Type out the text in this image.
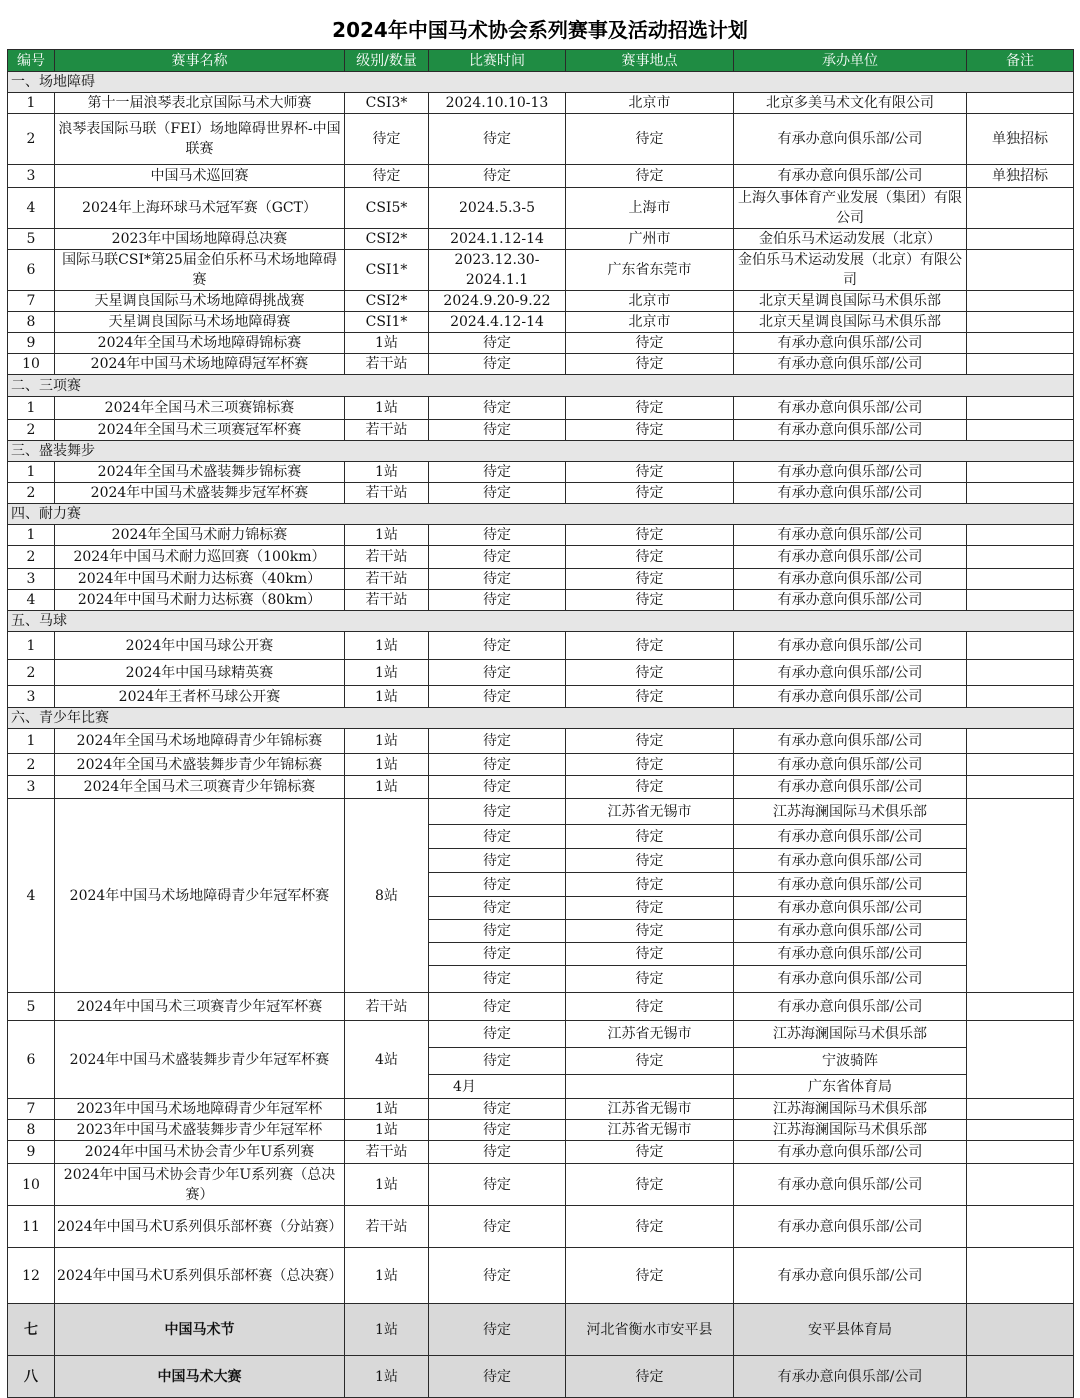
2024年中国马术协会系列赛事及活动招选计划
编号	赛事名称	级别/数量	比赛时间	赛事地点	承办单位	备注
一、场地障碍						
1	第十一届浪琴表北京国际马术大师赛	CSI3*	2024.10.10-13	北京市	北京多美马术文化有限公司	
2	浪琴表国际马联（FEI）场地障碍世界杯-中国联赛	待定	待定	待定	有承办意向俱乐部/公司	单独招标
3	中国马术巡回赛	待定	待定	待定	有承办意向俱乐部/公司	单独招标
4	2024年上海环球马术冠军赛（GCT）	CSI5*	2024.5.3-5	上海市	上海久事体育产业发展（集团）有限公司	
5	2023年中国场地障碍总决赛	CSI2*	2024.1.12-14	广州市	金伯乐马术运动发展（北京）	
6	国际马联CSI*第25届金伯乐杯马术场地障碍赛	CSI1*	2023.12.30-2024.1.1	广东省东莞市	金伯乐马术运动发展（北京）有限公司	
7	天星调良国际马术场地障碍挑战赛	CSI2*	2024.9.20-9.22	北京市	北京天星调良国际马术俱乐部	
8	天星调良国际马术场地障碍赛	CSI1*	2024.4.12-14	北京市	北京天星调良国际马术俱乐部	
9	2024年全国马术场地障碍锦标赛	1站	待定	待定	有承办意向俱乐部/公司	
10	2024年中国马术场地障碍冠军杯赛	若干站	待定	待定	有承办意向俱乐部/公司	
二、三项赛						
1	2024年全国马术三项赛锦标赛	1站	待定	待定	有承办意向俱乐部/公司	
2	2024年全国马术三项赛冠军杯赛	若干站	待定	待定	有承办意向俱乐部/公司	
三、盛装舞步						
1	2024年全国马术盛装舞步锦标赛	1站	待定	待定	有承办意向俱乐部/公司	
2	2024年中国马术盛装舞步冠军杯赛	若干站	待定	待定	有承办意向俱乐部/公司	
四、耐力赛						
1	2024年全国马术耐力锦标赛	1站	待定	待定	有承办意向俱乐部/公司	
2	2024年中国马术耐力巡回赛（100km）	若干站	待定	待定	有承办意向俱乐部/公司	
3	2024年中国马术耐力达标赛（40km）	若干站	待定	待定	有承办意向俱乐部/公司	
4	2024年中国马术耐力达标赛（80km）	若干站	待定	待定	有承办意向俱乐部/公司	
五、马球						
1	2024年中国马球公开赛	1站	待定	待定	有承办意向俱乐部/公司	
2	2024年中国马球精英赛	1站	待定	待定	有承办意向俱乐部/公司	
3	2024年王者杯马球公开赛	1站	待定	待定	有承办意向俱乐部/公司	
六、青少年比赛						
1	2024年全国马术场地障碍青少年锦标赛	1站	待定	待定	有承办意向俱乐部/公司	
2	2024年全国马术盛装舞步青少年锦标赛	1站	待定	待定	有承办意向俱乐部/公司	
3	2024年全国马术三项赛青少年锦标赛	1站	待定	待定	有承办意向俱乐部/公司	
4	2024年中国马术场地障碍青少年冠军杯赛	8站	待定	江苏省无锡市	江苏海澜国际马术俱乐部	
			待定	待定	有承办意向俱乐部/公司	
			待定	待定	有承办意向俱乐部/公司	
			待定	待定	有承办意向俱乐部/公司	
			待定	待定	有承办意向俱乐部/公司	
			待定	待定	有承办意向俱乐部/公司	
			待定	待定	有承办意向俱乐部/公司	
			待定	待定	有承办意向俱乐部/公司	
5	2024年中国马术三项赛青少年冠军杯赛	若干站	待定	待定	有承办意向俱乐部/公司	
6	2024年中国马术盛装舞步青少年冠军杯赛	4站	待定	江苏省无锡市	江苏海澜国际马术俱乐部	
			待定	待定	宁波骑阵	
			4月		广东省体育局	
7	2023年中国马术场地障碍青少年冠军杯	1站	待定	江苏省无锡市	江苏海澜国际马术俱乐部	
8	2023年中国马术盛装舞步青少年冠军杯	1站	待定	江苏省无锡市	江苏海澜国际马术俱乐部	
9	2024年中国马术协会青少年U系列赛	若干站	待定	待定	有承办意向俱乐部/公司	
10	2024年中国马术协会青少年U系列赛（总决赛）	1站	待定	待定	有承办意向俱乐部/公司	
11	2024年中国马术U系列俱乐部杯赛（分站赛）	若干站	待定	待定	有承办意向俱乐部/公司	
12	2024年中国马术U系列俱乐部杯赛（总决赛）	1站	待定	待定	有承办意向俱乐部/公司	
七	中国马术节	1站	待定	河北省衡水市安平县	安平县体育局	
八	中国马术大赛	1站	待定	待定	有承办意向俱乐部/公司	
